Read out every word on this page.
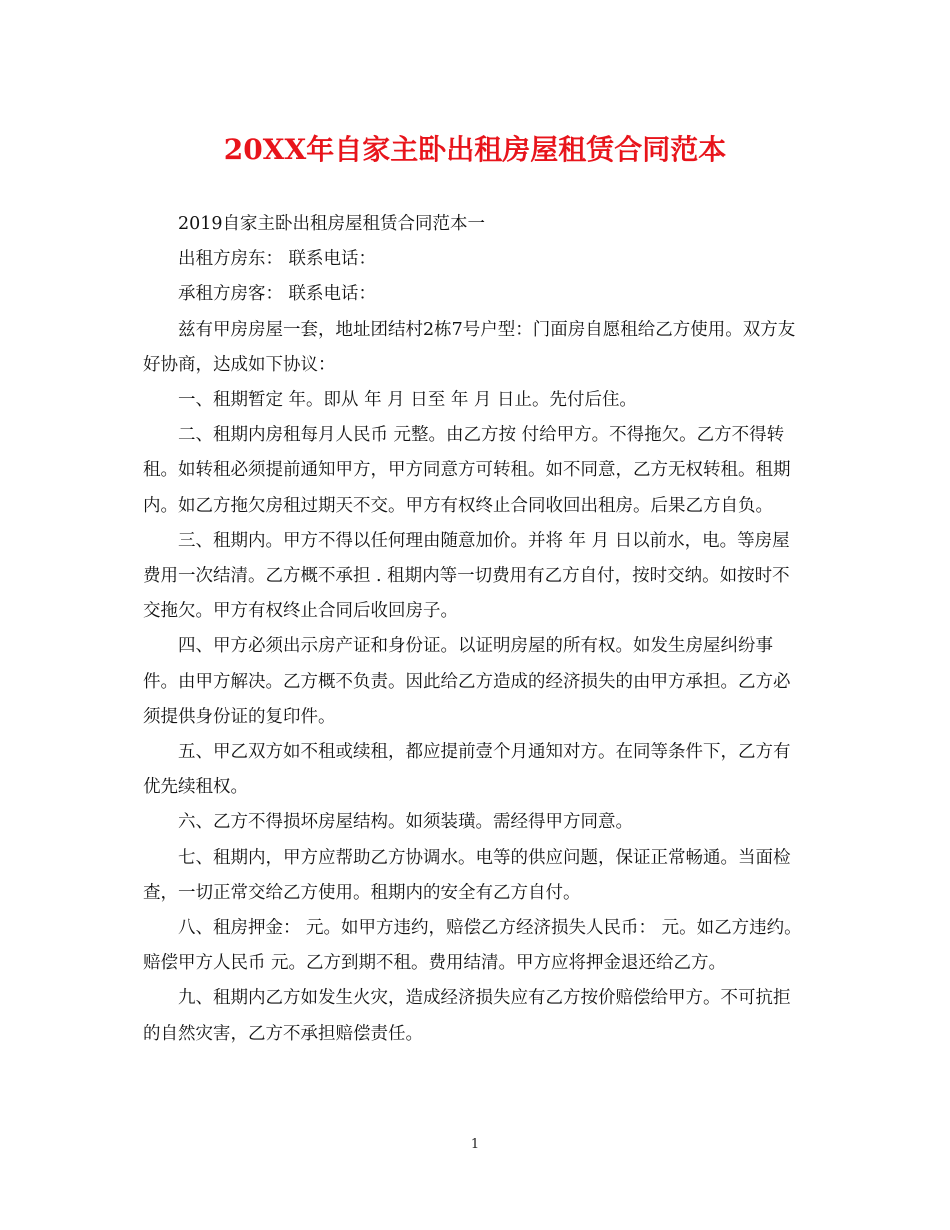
20XX年自家主卧出租房屋租赁合同范本

2019自家主卧出租房屋租赁合同范本一

出租方房东： 联系电话：

承租方房客： 联系电话：

兹有甲房房屋一套，地址团结村2栋7号户型：门面房自愿租给乙方使用。双方友好协商，达成如下协议：

一、租期暂定 年。即从 年 月 日至 年 月 日止。先付后住。

二、租期内房租每月人民币 元整。由乙方按 付给甲方。不得拖欠。乙方不得转租。如转租必须提前通知甲方，甲方同意方可转租。如不同意，乙方无权转租。租期内。如乙方拖欠房租过期天不交。甲方有权终止合同收回出租房。后果乙方自负。

三、租期内。甲方不得以任何理由随意加价。并将 年 月 日以前水，电。等房屋费用一次结清。乙方概不承担 . 租期内等一切费用有乙方自付，按时交纳。如按时不交拖欠。甲方有权终止合同后收回房子。

四、甲方必须出示房产证和身份证。以证明房屋的所有权。如发生房屋纠纷事件。由甲方解决。乙方概不负责。因此给乙方造成的经济损失的由甲方承担。乙方必须提供身份证的复印件。

五、甲乙双方如不租或续租，都应提前壹个月通知对方。在同等条件下，乙方有优先续租权。

六、乙方不得损坏房屋结构。如须装璜。需经得甲方同意。

七、租期内，甲方应帮助乙方协调水。电等的供应问题，保证正常畅通。当面检查，一切正常交给乙方使用。租期内的安全有乙方自付。

八、租房押金： 元。如甲方违约，赔偿乙方经济损失人民币： 元。如乙方违约。赔偿甲方人民币 元。乙方到期不租。费用结清。甲方应将押金退还给乙方。

九、租期内乙方如发生火灾，造成经济损失应有乙方按价赔偿给甲方。不可抗拒的自然灾害，乙方不承担赔偿责任。

1
